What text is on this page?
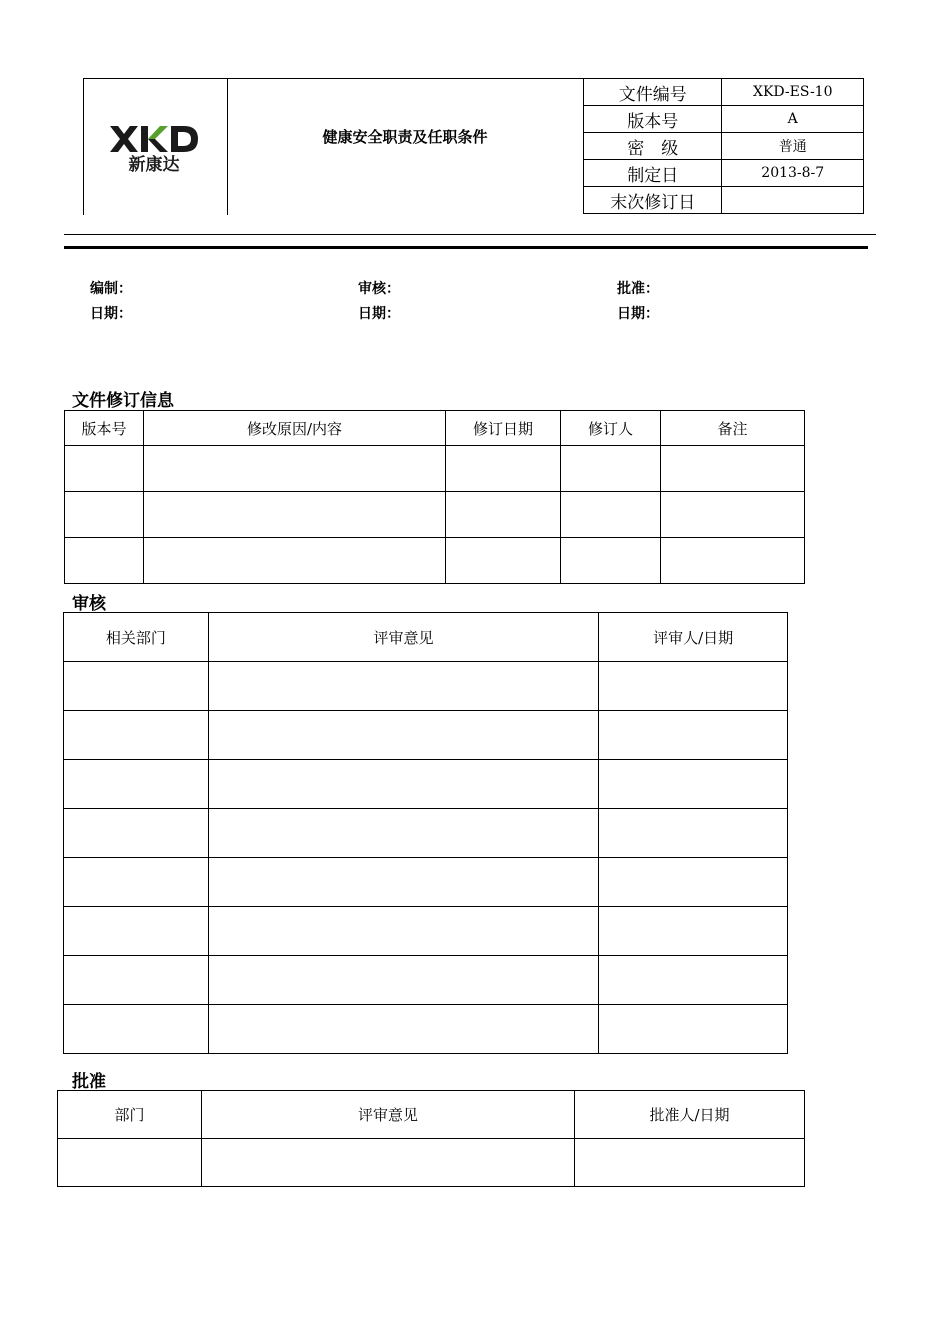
新康达
健康安全职责及任职条件
文件编号	XKD-ES-10
版本号	A
密　级	普通
制定日	2013-8-7
末次修订日	
编制：	审核：	批准：
日期：	日期：	日期：
文件修订信息
版本号	修改原因/内容	修订日期	修订人	备注

审核
相关部门	评审意见	评审人/日期

批准
部门	评审意见	批准人/日期
